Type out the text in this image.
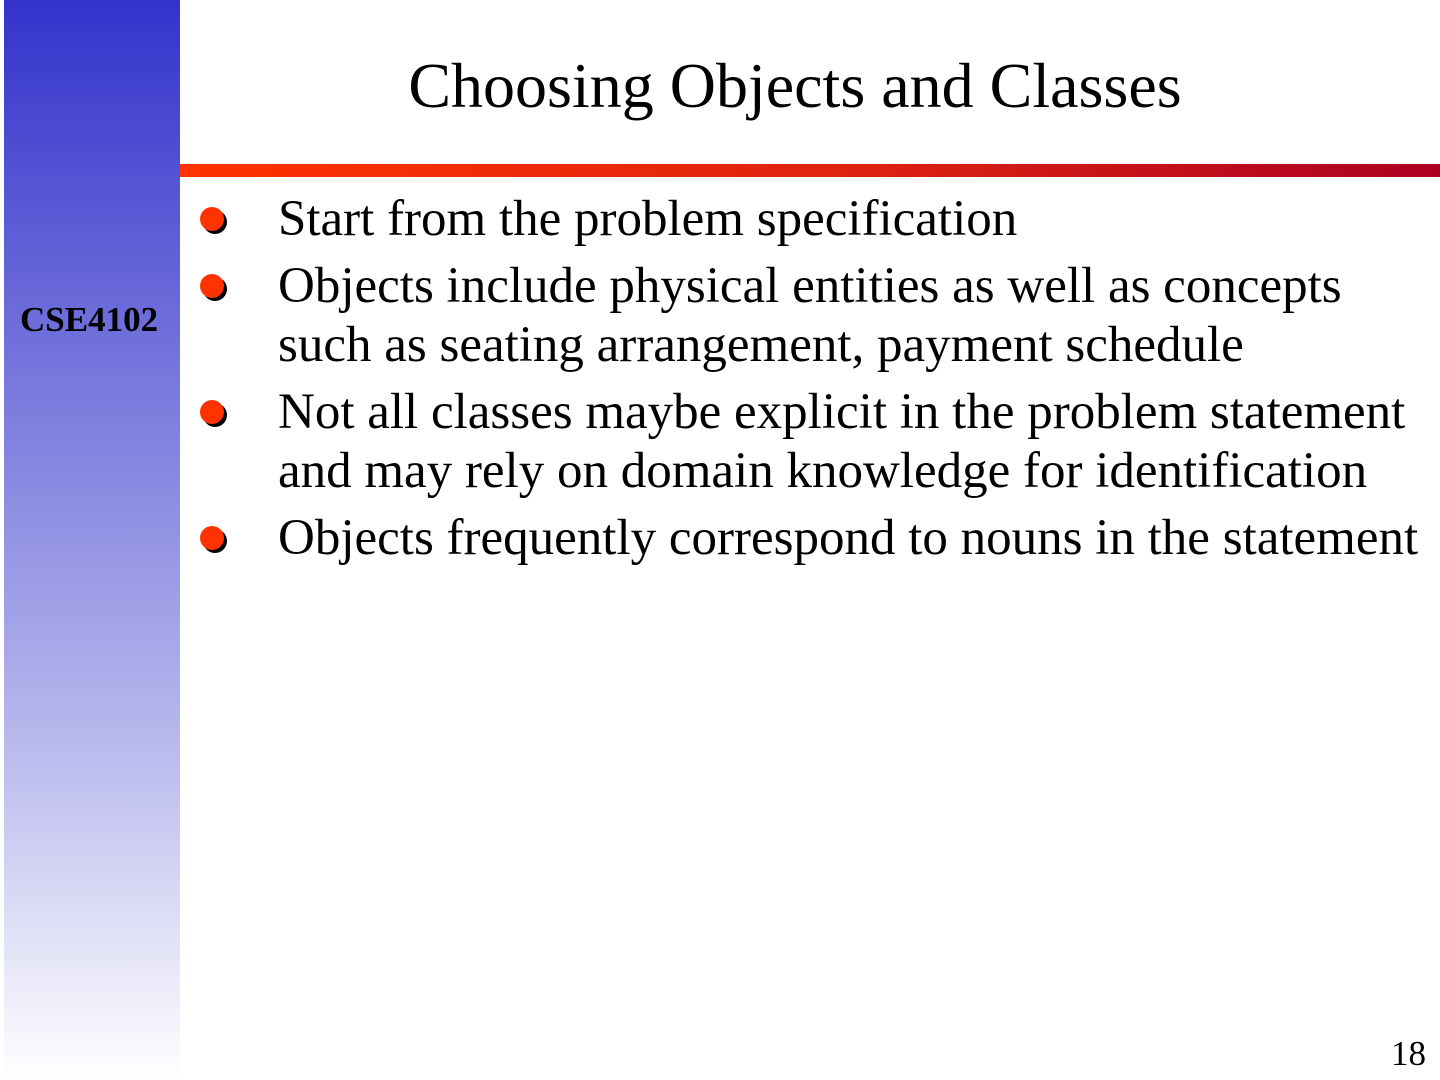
CSE4102
Choosing Objects and Classes
Start from the problem specification
Objects include physical entities as well as concepts such as seating arrangement, payment schedule
Not all classes maybe explicit in the problem statement and may rely on domain knowledge for identification
Objects frequently correspond to nouns in the statement
18
